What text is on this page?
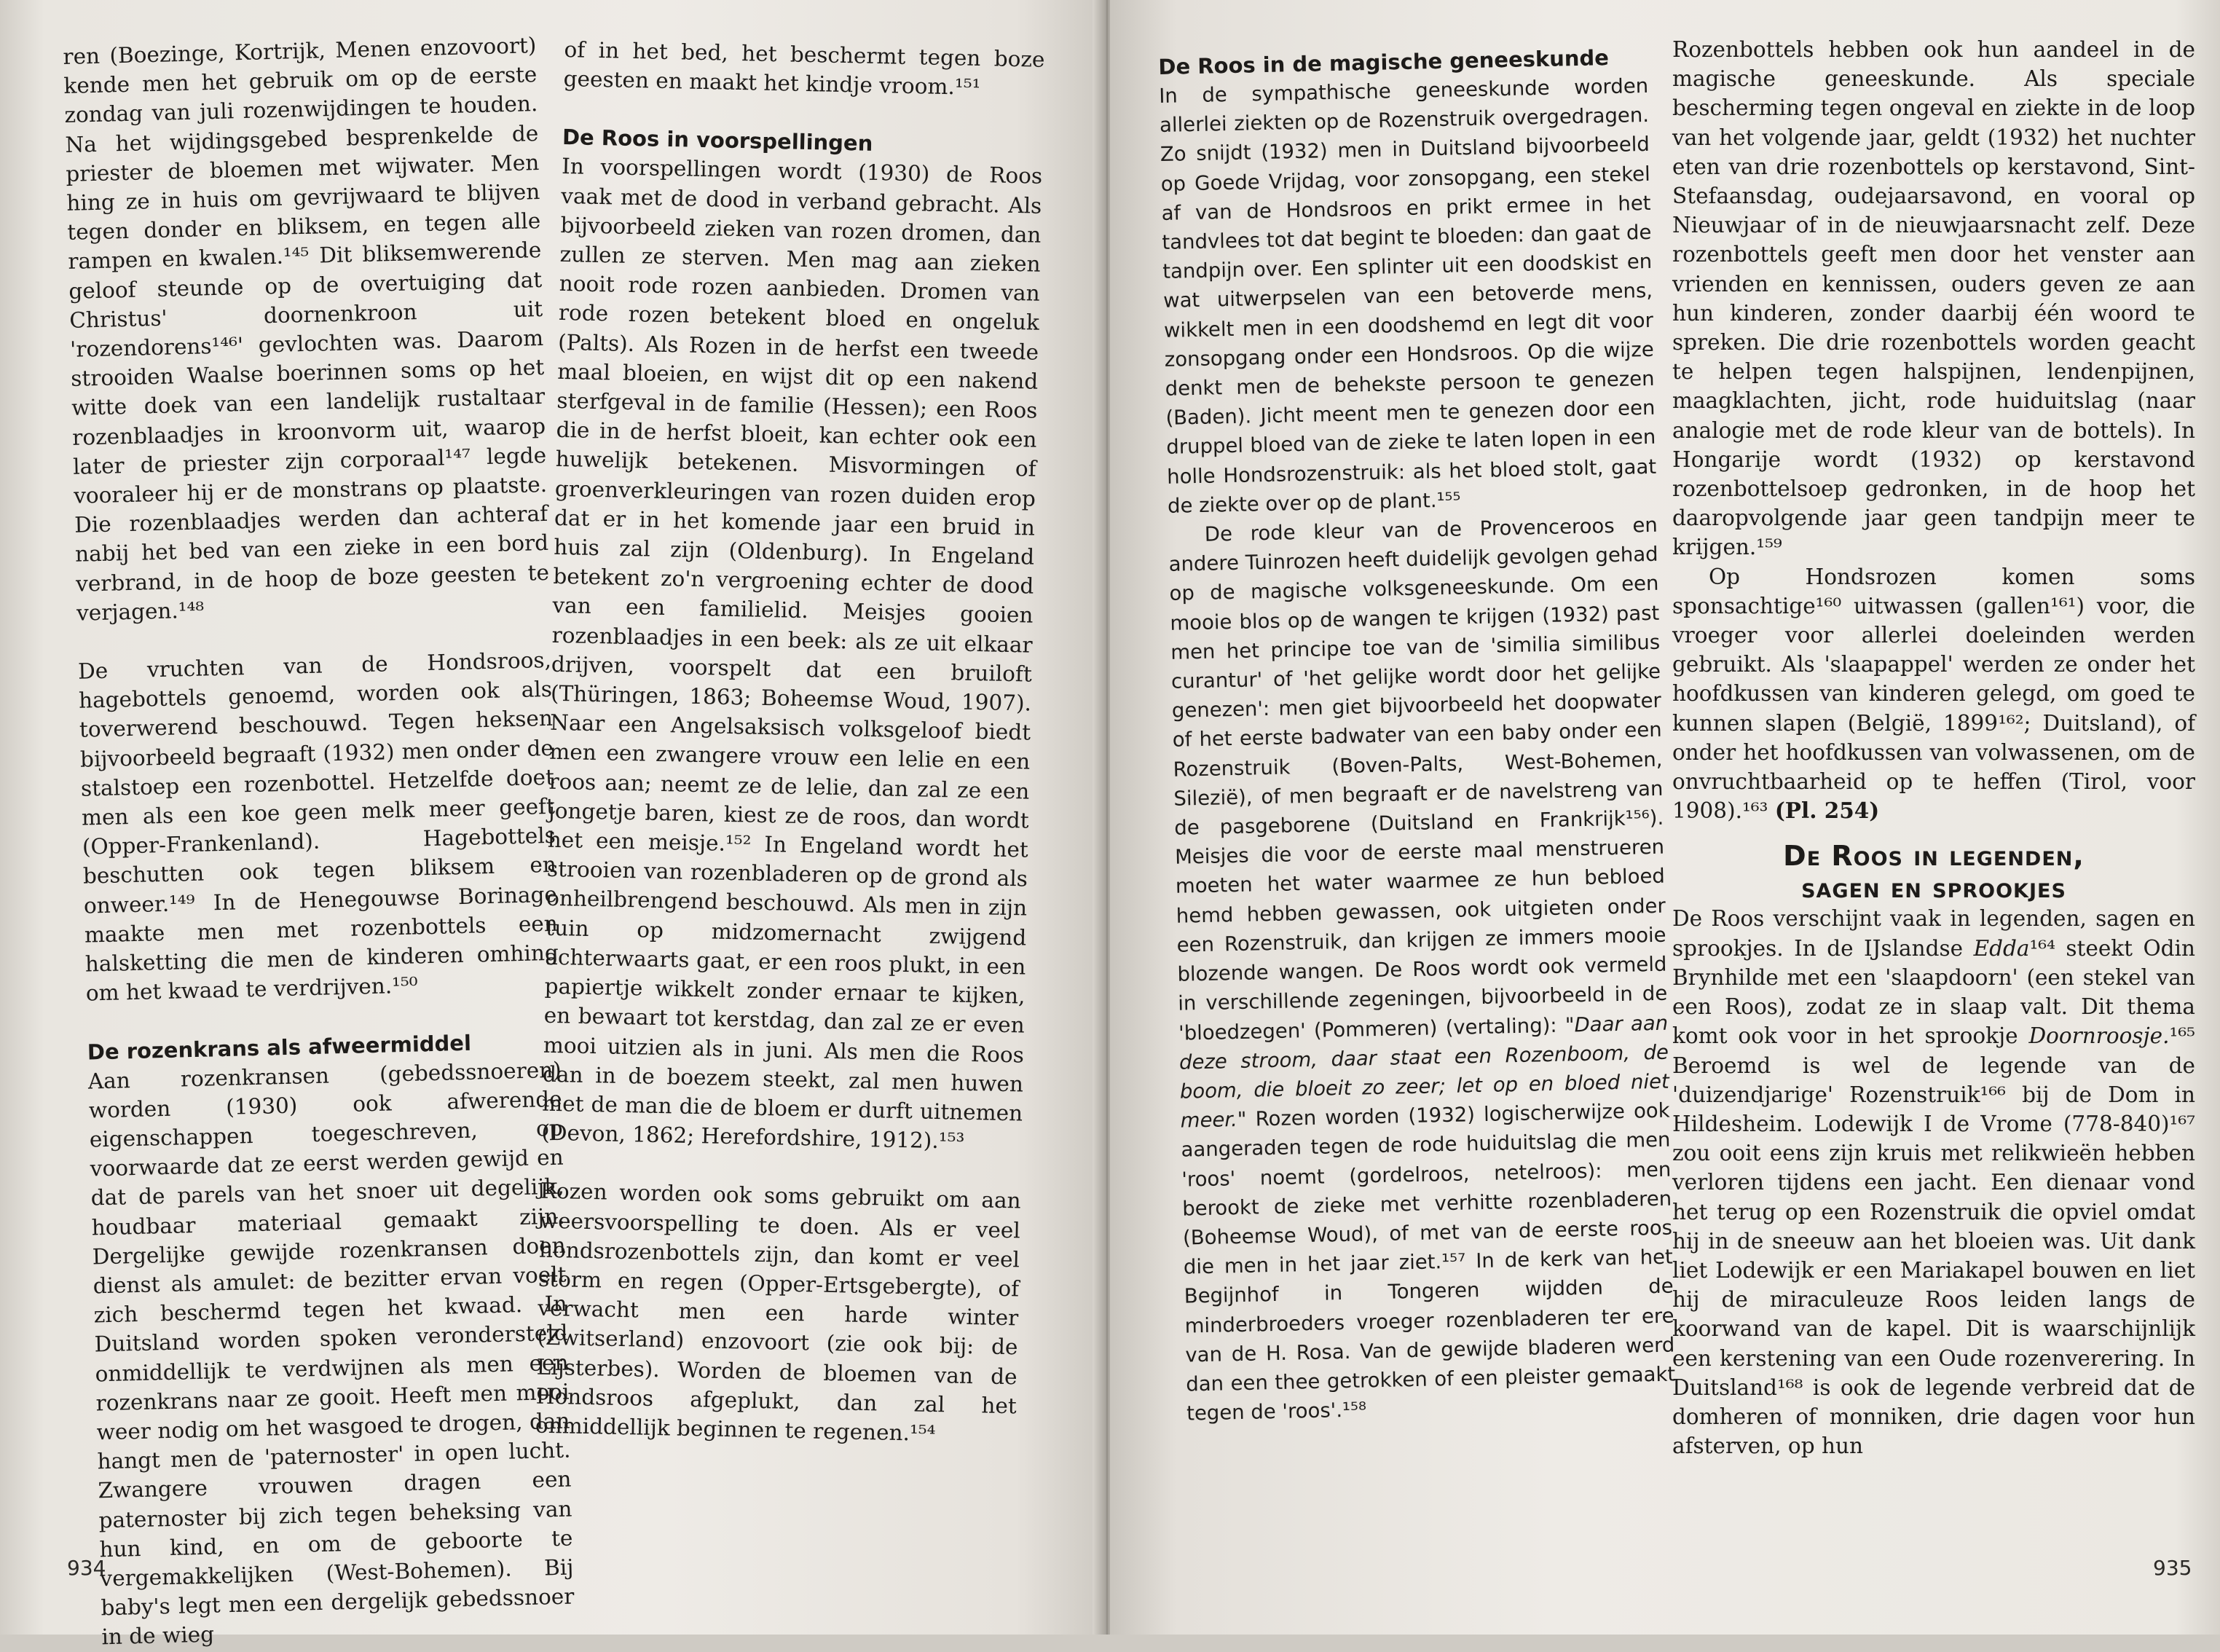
ren (Boezinge, Kortrijk, Menen enzovoort) kende men het gebruik om op de eerste zondag van juli rozenwijdingen te houden. Na het wijdingsgebed besprenkelde de priester de bloemen met wijwater. Men hing ze in huis om gevrijwaard te blijven tegen donder en bliksem, en tegen alle rampen en kwalen.¹⁴⁵ Dit bliksemwerende geloof steunde op de overtuiging dat Christus' doornenkroon uit 'rozendorens¹⁴⁶' gevlochten was. Daarom strooiden Waalse boerinnen soms op het witte doek van een landelijk rustaltaar rozenblaadjes in kroonvorm uit, waarop later de priester zijn corporaal¹⁴⁷ legde vooraleer hij er de monstrans op plaatste. Die rozenblaadjes werden dan achteraf nabij het bed van een zieke in een bord verbrand, in de hoop de boze geesten te verjagen.¹⁴⁸

De vruchten van de Hondsroos, hagebottels genoemd, worden ook als toverwerend beschouwd. Tegen heksen bijvoorbeeld begraaft (1932) men onder de stalstoep een rozenbottel. Hetzelfde doet men als een koe geen melk meer geeft (Opper-Frankenland). Hagebottels beschutten ook tegen bliksem en onweer.¹⁴⁹ In de Henegouwse Borinage maakte men met rozenbottels een halsketting die men de kinderen omhing om het kwaad te verdrijven.¹⁵⁰

De rozenkrans als afweermiddel

Aan rozenkransen (gebedssnoeren) worden (1930) ook afwerende eigenschappen toegeschreven, op voorwaarde dat ze eerst werden gewijd en dat de parels van het snoer uit degelijk, houdbaar materiaal gemaakt zijn. Dergelijke gewijde rozenkransen doen dienst als amulet: de bezitter ervan voelt zich beschermd tegen het kwaad. In Duitsland worden spoken verondersteld onmiddellijk te verdwijnen als men een rozenkrans naar ze gooit. Heeft men mooi weer nodig om het wasgoed te drogen, dan hangt men de 'paternoster' in open lucht. Zwangere vrouwen dragen een paternoster bij zich tegen beheksing van hun kind, en om de geboorte te vergemakkelijken (West-Bohemen). Bij baby's legt men een dergelijk gebedssnoer in de wieg

of in het bed, het beschermt tegen boze geesten en maakt het kindje vroom.¹⁵¹

De Roos in voorspellingen

In voorspellingen wordt (1930) de Roos vaak met de dood in verband gebracht. Als bijvoorbeeld zieken van rozen dromen, dan zullen ze sterven. Men mag aan zieken nooit rode rozen aanbieden. Dromen van rode rozen betekent bloed en ongeluk (Palts). Als Rozen in de herfst een tweede maal bloeien, en wijst dit op een nakend sterfgeval in de familie (Hessen); een Roos die in de herfst bloeit, kan echter ook een huwelijk betekenen. Misvormingen of groenverkleuringen van rozen duiden erop dat er in het komende jaar een bruid in huis zal zijn (Oldenburg). In Engeland betekent zo'n vergroening echter de dood van een familielid. Meisjes gooien rozenblaadjes in een beek: als ze uit elkaar drijven, voorspelt dat een bruiloft (Thüringen, 1863; Boheemse Woud, 1907). Naar een Angelsaksisch volksgeloof biedt men een zwangere vrouw een lelie en een roos aan; neemt ze de lelie, dan zal ze een jongetje baren, kiest ze de roos, dan wordt het een meisje.¹⁵² In Engeland wordt het strooien van rozenbladeren op de grond als onheilbrengend beschouwd. Als men in zijn tuin op midzomernacht zwijgend achterwaarts gaat, er een roos plukt, in een papiertje wikkelt zonder ernaar te kijken, en bewaart tot kerstdag, dan zal ze er even mooi uitzien als in juni. Als men die Roos dan in de boezem steekt, zal men huwen met de man die de bloem er durft uitnemen (Devon, 1862; Herefordshire, 1912).¹⁵³

Rozen worden ook soms gebruikt om aan weersvoorspelling te doen. Als er veel hondsrozenbottels zijn, dan komt er veel storm en regen (Opper-Ertsgebergte), of verwacht men een harde winter (Zwitserland) enzovoort (zie ook bij: de Lijsterbes). Worden de bloemen van de Hondsroos afgeplukt, dan zal het onmiddellijk beginnen te regenen.¹⁵⁴

934
De Roos in de magische geneeskunde

In de sympathische geneeskunde worden allerlei ziekten op de Rozenstruik overgedragen. Zo snijdt (1932) men in Duitsland bijvoorbeeld op Goede Vrijdag, voor zonsopgang, een stekel af van de Hondsroos en prikt ermee in het tandvlees tot dat begint te bloeden: dan gaat de tandpijn over. Een splinter uit een doodskist en wat uitwerpselen van een betoverde mens, wikkelt men in een doodshemd en legt dit voor zonsopgang onder een Hondsroos. Op die wijze denkt men de behekste persoon te genezen (Baden). Jicht meent men te genezen door een druppel bloed van de zieke te laten lopen in een holle Hondsrozenstruik: als het bloed stolt, gaat de ziekte over op de plant.¹⁵⁵

De rode kleur van de Provenceroos en andere Tuinrozen heeft duidelijk gevolgen gehad op de magische volksgeneeskunde. Om een mooie blos op de wangen te krijgen (1932) past men het principe toe van de 'similia similibus curantur' of 'het gelijke wordt door het gelijke genezen': men giet bijvoorbeeld het doopwater of het eerste badwater van een baby onder een Rozenstruik (Boven-Palts, West-Bohemen, Silezië), of men begraaft er de navelstreng van de pasgeborene (Duitsland en Frankrijk¹⁵⁶). Meisjes die voor de eerste maal menstrueren moeten het water waarmee ze hun bebloed hemd hebben gewassen, ook uitgieten onder een Rozenstruik, dan krijgen ze immers mooie blozende wangen. De Roos wordt ook vermeld in verschillende zegeningen, bijvoorbeeld in de 'bloedzegen' (Pommeren) (vertaling): "Daar aan deze stroom, daar staat een Rozenboom, de boom, die bloeit zo zeer; let op en bloed niet meer." Rozen worden (1932) logischerwijze ook aangeraden tegen de rode huiduitslag die men 'roos' noemt (gordelroos, netelroos): men berookt de zieke met verhitte rozenbladeren (Boheemse Woud), of met van de eerste roos die men in het jaar ziet.¹⁵⁷ In de kerk van het Begijnhof in Tongeren wijdden de minderbroeders vroeger rozenbladeren ter ere van de H. Rosa. Van de gewijde bladeren werd dan een thee getrokken of een pleister gemaakt tegen de 'roos'.¹⁵⁸

Rozenbottels hebben ook hun aandeel in de magische geneeskunde. Als speciale bescherming tegen ongeval en ziekte in de loop van het volgende jaar, geldt (1932) het nuchter eten van drie rozenbottels op kerstavond, Sint-Stefaansdag, oudejaarsavond, en vooral op Nieuwjaar of in de nieuwjaarsnacht zelf. Deze rozenbottels geeft men door het venster aan vrienden en kennissen, ouders geven ze aan hun kinderen, zonder daarbij één woord te spreken. Die drie rozenbottels worden geacht te helpen tegen halspijnen, lendenpijnen, maagklachten, jicht, rode huiduitslag (naar analogie met de rode kleur van de bottels). In Hongarije wordt (1932) op kerstavond rozenbottelsoep gedronken, in de hoop het daaropvolgende jaar geen tandpijn meer te krijgen.¹⁵⁹

Op Hondsrozen komen soms sponsachtige¹⁶⁰ uitwassen (gallen¹⁶¹) voor, die vroeger voor allerlei doeleinden werden gebruikt. Als 'slaapappel' werden ze onder het hoofdkussen van kinderen gelegd, om goed te kunnen slapen (België, 1899¹⁶²; Duitsland), of onder het hoofdkussen van volwassenen, om de onvruchtbaarheid op te heffen (Tirol, voor 1908).¹⁶³ (Pl. 254)

De Roos in legenden,
sagen en sprookjes

De Roos verschijnt vaak in legenden, sagen en sprookjes. In de IJslandse Edda¹⁶⁴ steekt Odin Brynhilde met een 'slaapdoorn' (een stekel van een Roos), zodat ze in slaap valt. Dit thema komt ook voor in het sprookje Doornroosje.¹⁶⁵ Beroemd is wel de legende van de 'duizendjarige' Rozenstruik¹⁶⁶ bij de Dom in Hildesheim. Lodewijk I de Vrome (778-840)¹⁶⁷ zou ooit eens zijn kruis met relikwieën hebben verloren tijdens een jacht. Een dienaar vond het terug op een Rozenstruik die opviel omdat hij in de sneeuw aan het bloeien was. Uit dank liet Lodewijk er een Mariakapel bouwen en liet hij de miraculeuze Roos leiden langs de koorwand van de kapel. Dit is waarschijnlijk een kerstening van een Oude rozenverering. In Duitsland¹⁶⁸ is ook de legende verbreid dat de domheren of monniken, drie dagen voor hun afsterven, op hun

935
